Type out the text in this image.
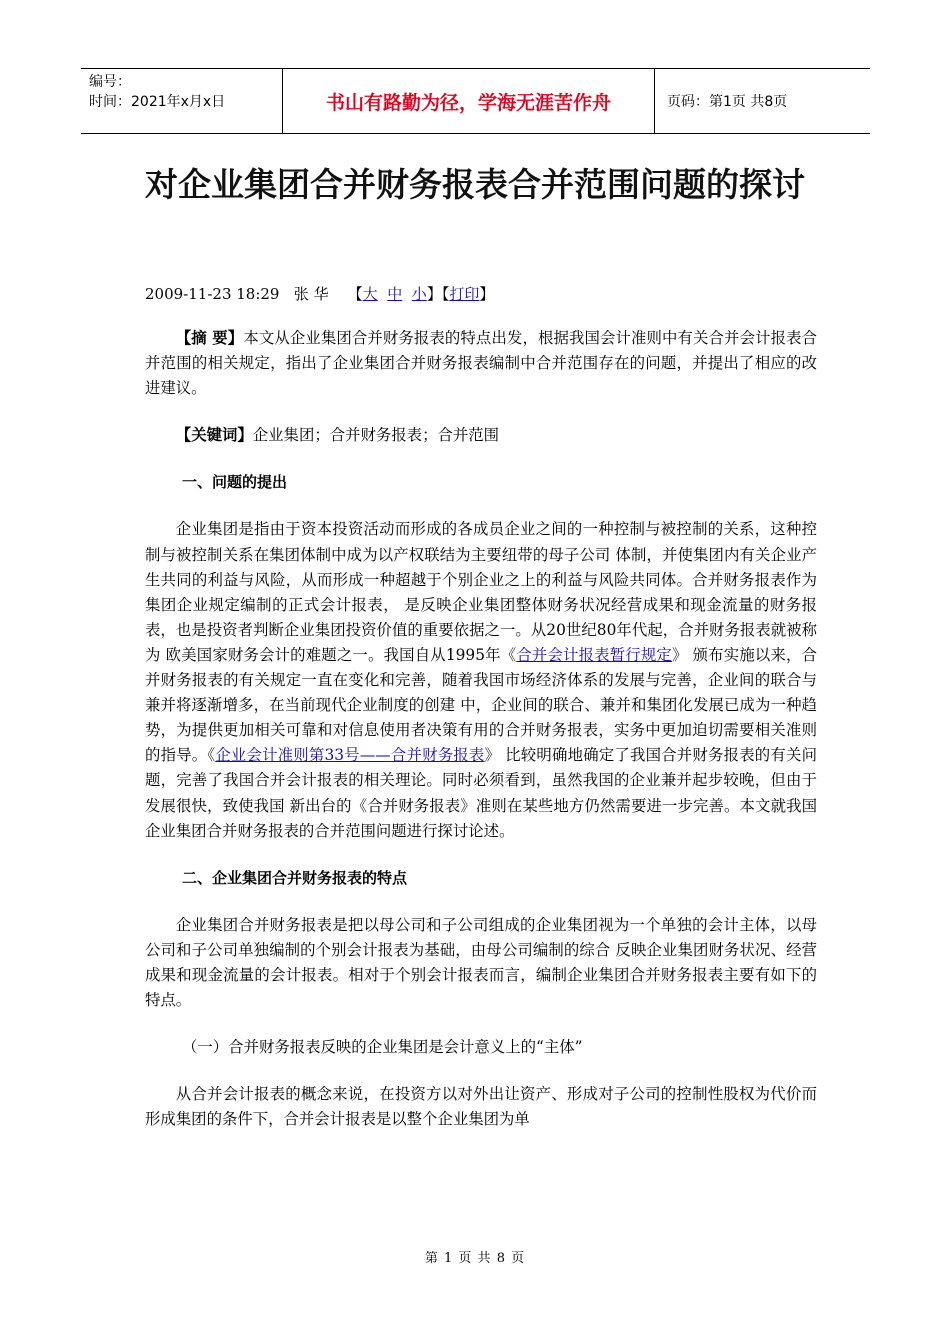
编号：
时间：2021年x月x日	书山有路勤为径，学海无涯苦作舟	页码：第1页 共8页
对企业集团合并财务报表合并范围问题的探讨
2009-11-23 18:29 张 华 【大 中 小】【打印】

【摘 要】本文从企业集团合并财务报表的特点出发，根据我国会计准则中有关合并会计报表合并范围的相关规定，指出了企业集团合并财务报表编制中合并范围存在的问题，并提出了相应的改进建议。

【关键词】企业集团；合并财务报表；合并范围

一、问题的提出

企业集团是指由于资本投资活动而形成的各成员企业之间的一种控制与被控制的关系，这种控制与被控制关系在集团体制中成为以产权联结为主要纽带的母子公司 体制，并使集团内有关企业产生共同的利益与风险，从而形成一种超越于个别企业之上的利益与风险共同体。合并财务报表作为集团企业规定编制的正式会计报表， 是反映企业集团整体财务状况经营成果和现金流量的财务报表，也是投资者判断企业集团投资价值的重要依据之一。从20世纪80年代起，合并财务报表就被称为 欧美国家财务会计的难题之一。我国自从1995年《合并会计报表暂行规定》 颁布实施以来，合并财务报表的有关规定一直在变化和完善，随着我国市场经济体系的发展与完善，企业间的联合与兼并将逐渐增多，在当前现代企业制度的创建 中，企业间的联合、兼并和集团化发展已成为一种趋势，为提供更加相关可靠和对信息使用者决策有用的合并财务报表，实务中更加迫切需要相关准则的指导。《企业会计准则第33号——合并财务报表》 比较明确地确定了我国合并财务报表的有关问题，完善了我国合并会计报表的相关理论。同时必须看到，虽然我国的企业兼并起步较晚，但由于发展很快，致使我国 新出台的《合并财务报表》准则在某些地方仍然需要进一步完善。本文就我国企业集团合并财务报表的合并范围问题进行探讨论述。

二、企业集团合并财务报表的特点

企业集团合并财务报表是把以母公司和子公司组成的企业集团视为一个单独的会计主体，以母公司和子公司单独编制的个别会计报表为基础，由母公司编制的综合 反映企业集团财务状况、经营成果和现金流量的会计报表。相对于个别会计报表而言，编制企业集团合并财务报表主要有如下的特点。

（一）合并财务报表反映的企业集团是会计意义上的“主体”

从合并会计报表的概念来说，在投资方以对外出让资产、形成对子公司的控制性股权为代价而形成集团的条件下，合并会计报表是以整个企业集团为单

第 1 页 共 8 页
